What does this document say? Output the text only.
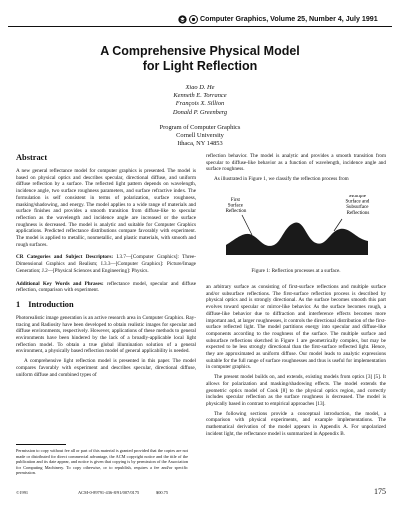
Computer Graphics, Volume 25, Number 4, July 1991
A Comprehensive Physical Model
for Light Reflection
Xiao D. He
Kenneth E. Torrance
François X. Sillion
Donald P. Greenberg
Program of Computer Graphics
Cornell University
Ithaca, NY 14853
Abstract

A new general reflectance model for computer graphics is presented. The model is based on physical optics and describes specular, directional diffuse, and uniform diffuse reflection by a surface. The reflected light pattern depends on wavelength, incidence angle, two surface roughness parameters, and surface refractive index. The formulation is self consistent in terms of polarization, surface roughness, masking/shadowing, and energy. The model applies to a wide range of materials and surface finishes and provides a smooth transition from diffuse-like to specular reflection as the wavelength and incidence angle are increased or the surface roughness is decreased. The model is analytic and suitable for Computer Graphics applications. Predicted reflectance distributions compare favorably with experiment. The model is applied to metallic, nonmetallic, and plastic materials, with smooth and rough surfaces.

CR Categories and Subject Descriptors: I.3.7—[Computer Graphics]: Three-Dimensional Graphics and Realism; I.3.3—[Computer Graphics]: Picture/Image Generation; J.2—[Physical Sciences and Engineering]: Physics.

Additional Key Words and Phrases: reflectance model, specular and diffuse reflection, comparison with experiment.

1 Introduction

Photorealistic image generation is an active research area in Computer Graphics. Ray-tracing and Radiosity have been developed to obtain realistic images for specular and diffuse environments, respectively. However, applications of these methods to general environments have been hindered by the lack of a broadly-applicable local light reflection model. To obtain a true global illumination solution of a general environment, a physically based reflection model of general applicability is needed.

A comprehensive light reflection model is presented in this paper. The model compares favorably with experiment and describes specular, directional diffuse, uniform diffuse and combined types of

Permission to copy without fee all or part of this material is granted provided that the copies are not made or distributed for direct commercial advantage, the ACM copyright notice and the title of the publication and its date appear, and notice is given that copying is by permission of the Association for Computing Machinery. To copy otherwise, or to republish, requires a fee and/or specific permission.

reflection behavior. The model is analytic and provides a smooth transition from specular to diffuse-like behavior as a function of wavelength, incidence angle and surface roughness.

As illustrated in Figure 1, we classify the reflection process from

First Surface Reflection
Multiple Surface and Subsurface Reflections
Figure 1: Reflection processes at a surface.

an arbitrary surface as consisting of first-surface reflections and multiple surface and/or subsurface reflections. The first-surface reflection process is described by physical optics and is strongly directional. As the surface becomes smooth this part evolves toward specular or mirror-like behavior. As the surface becomes rough, a diffuse-like behavior due to diffraction and interference effects becomes more important and, at larger roughnesses, it controls the directional distribution of the first-surface reflected light. The model partitions energy into specular and diffuse-like components according to the roughness of the surface. The multiple surface and subsurface reflections sketched in Figure 1 are geometrically complex, but may be expected to be less strongly directional than the first-surface reflected light. Hence, they are approximated as uniform diffuse. Our model leads to analytic expressions suitable for the full range of surface roughnesses and thus is useful for implementation in computer graphics.

The present model builds on, and extends, existing models from optics [3] [5]. It allows for polarization and masking/shadowing effects. The model extends the geometric optics model of Cook [8] to the physical optics region, and correctly includes specular reflection as the surface roughness is decreased. The model is physically based in contrast to empirical approaches [13].

The following sections provide a conceptual introduction, the model, a comparison with physical experiments, and example implementations. The mathematical derivation of the model appears in Appendix A. For unpolarized incident light, the reflectance model is summarized in Appendix B.

©1991	ACM-0-89791-436-8/91/007/0175	$00.75	175
